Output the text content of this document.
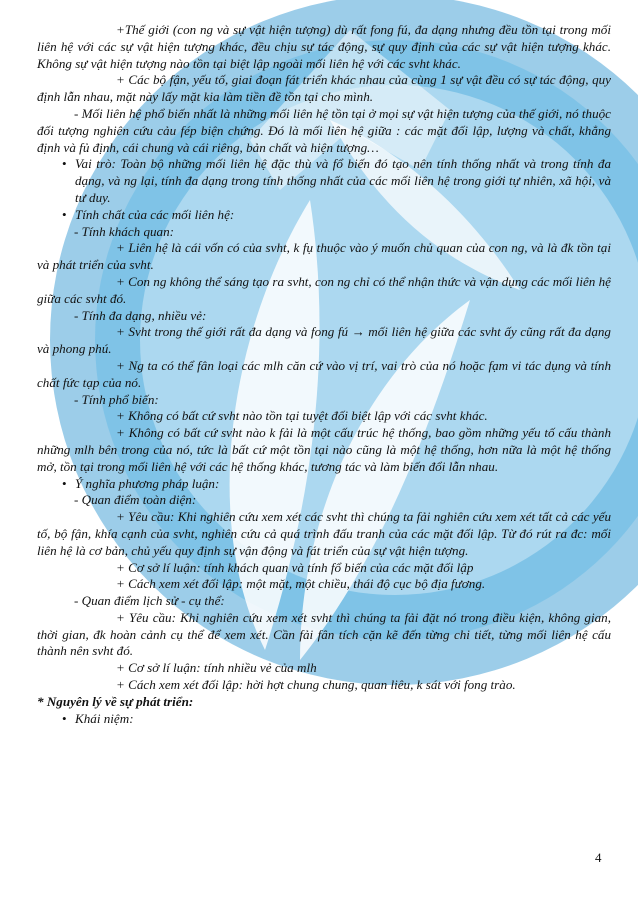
+Thế giới (con ng và sự vật hiện tượng) dù rất fong fú, đa dạng nhưng đều tồn tại trong mối liên hệ với các sự vật hiện tượng khác, đều chịu sự tác động, sự quy định của các sự vật hiện tượng khác. Không sự vật hiện tượng nào tồn tại biệt lập ngoài mối liên hệ với các svht khác.

+ Các bộ fận, yếu tố, giai đoạn fát triển khác nhau của cùng 1 sự vật đều có sự tác động, quy định lẫn nhau, mặt này lấy mặt kia làm tiền đề tồn tại cho mình.

- Mối liên hệ phổ biến nhất là những mối liên hệ tồn tại ở mọi sự vật hiện tượng của thế giới, nó thuộc đối tượng nghiên cứu cảu fép biện chứng. Đó là mối liên hệ giữa : các mặt đối lập, lượng và chất, khẳng định và fủ định, cái chung và cái riêng, bản chất và hiện tượng…

• Vai trò: Toàn bộ những mối liên hệ đặc thù và fổ biến đó tạo nên tính thống nhất và trong tính đa dạng, và ng lại, tính đa dạng trong tính thống nhất của các mối liên hệ trong giới tự nhiên, xã hội, và tư duy.

• Tính chất của các mối liên hệ:

- Tính khách quan:

+ Liên hệ là cái vốn có của svht, k fụ thuộc vào ý muốn chủ quan của con ng, và là đk tồn tại và phát triển của svht.

+ Con ng không thể sáng tạo ra svht, con ng chỉ có thể nhận thức và vận dụng các mối liên hệ giữa các svht đó.

- Tính đa dạng, nhiều vẻ:

+ Svht trong thế giới rất đa dạng và fong fú → mối liên hệ giữa các svht ấy cũng rất đa dạng và phong phú.

+ Ng ta có thể fân loại các mlh căn cứ vào vị trí, vai trò của nó hoặc fạm vi tác dụng và tính chất fức tạp của nó.

- Tính phổ biến:

+ Không có bất cứ svht nào tồn tại tuyệt đối biệt lập với các svht khác.

+ Không có bất cứ svht nào k fải là một cấu trúc hệ thống, bao gồm những yếu tố cấu thành những mlh bên trong của nó, tức là bất cứ một tồn tại nào cũng là một hệ thống, hơn nữa là một hệ thống mở, tồn tại trong mối liên hệ với các hệ thống khác, tương tác và làm biến đổi lẫn nhau.

• Ý nghĩa phương pháp luận:

- Quan điểm toàn diện:

+ Yêu cầu: Khi nghiên cứu xem xét các svht thì chúng ta fải nghiên cứu xem xét tất cả các yếu tố, bộ fận, khía cạnh của svht, nghiên cứu cả quá trình đấu tranh của các mặt đối lập. Từ đó rút ra đc: mối liên hệ là cơ bản, chủ yếu quy định sự vận động và fát triển của sự vật hiện tượng.

+ Cơ sở lí luận: tính khách quan và tính fổ biến của các mặt đối lập

+ Cách xem xét đối lập: một mặt, một chiều, thái độ cục bộ địa fương.

- Quan điểm lịch sử - cụ thể:

+ Yêu cầu: Khi nghiên cứu xem xét svht thì chúng ta fải đặt nó trong điều kiện, không gian, thời gian, đk hoàn cảnh cụ thể để xem xét. Cần fải fân tích cặn kẽ đến từng chi tiết, từng mối liên hệ cấu thành nên svht đó.

+ Cơ sở lí luận: tính nhiều vẻ của mlh

+ Cách xem xét đối lập: hời hợt chung chung, quan liêu, k sát với fong trào.

* Nguyên lý về sự phát triển:

• Khái niệm:

4
